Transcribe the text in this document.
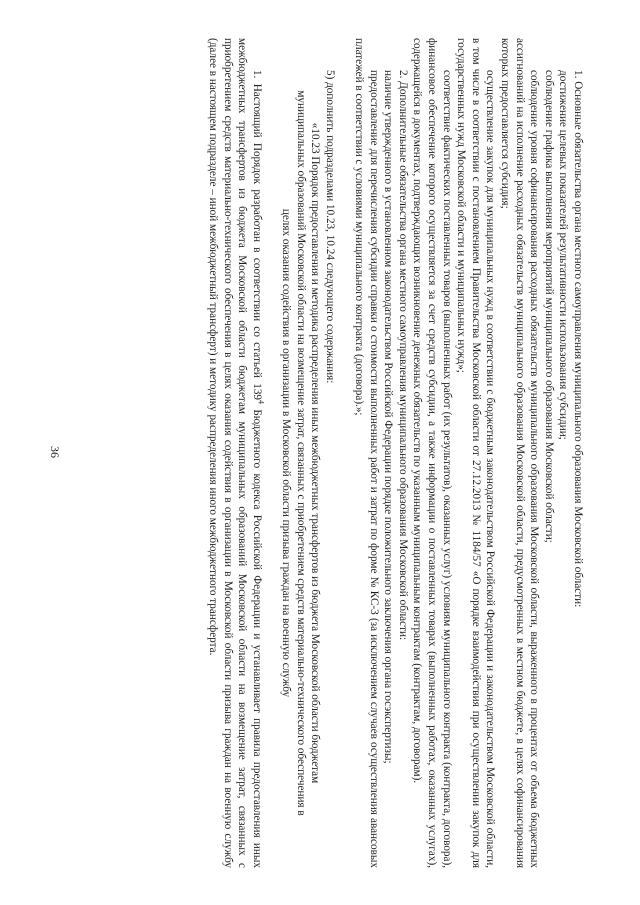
36	1. Основные обязательства органа местного самоуправления муниципального образования Московской области:

достижение целевых показателей результативности использования субсидии;

соблюдение графика выполнения мероприятий муниципального образования Московской области;

соблюдение уровня софинансирования расходных обязательств муниципального образования Московской области, выраженного в процентах от объема бюджетных ассигнований на исполнение расходных обязательств муниципального образования Московской области, предусмотренных в местном бюджете, в целях софинансирования которых предоставляется субсидия;

осуществление закупок для муниципальных нужд в соответствии с бюджетным законодательством Российской Федерации и законодательством Московской области, в том числе в соответствии с постановлением Правительства Московской области от 27.12.2013 № 1184/57 «О порядке взаимодействия при осуществлении закупок для государственных нужд Московской области и муниципальных нужд»;

соответствие фактических поставленных товаров (выполненных работ (их результатов), оказанных услуг) условиям муниципального контракта (контракта, договора), финансовое обеспечение которого осуществляется за счет средств субсидии, а также информации о поставленных товарах (выполненных работах, оказанных услугах), содержащейся в документах, подтверждающих возникновение денежных обязательств по указанным муниципальным контрактам (контрактам, договорам).

2. Дополнительные обязательства органа местного самоуправления муниципального образования Московской области:

наличие утвержденного в установленном законодательством Российской Федерации порядке положительного заключения органа госэкспертизы;

предоставление для перечисления субсидии справки о стоимости выполненных работ и затрат по форме № КС-3 (за исключением случаев осуществления авансовых платежей в соответствии с условиями муниципального контракта (договора).»;

5) дополнить подразделами 10.23, 10.24 следующего содержания:

«10.23 Порядок предоставления и методика распределения иных межбюджетных трансфертов из бюджета Московской области бюджетам муниципальных образований Московской области на возмещение затрат, связанных с приобретением средств материально-технического обеспечения в целях оказания содействия в организации в Московской области призыва граждан на военную службу

1. Настоящий Порядок разработан в соответствии со статьей $139^4$ Бюджетного кодекса Российской Федерации и устанавливает правила предоставления иных межбюджетных трансфертов из бюджета Московской области бюджетам муниципальных образований Московской области на возмещение затрат, связанных с приобретением средств материально-технического обеспечения в целях оказания содействия в организации в Московской области призыва граждан на военную службу (далее в настоящем подразделе – иной межбюджетный трансферт) и методику распределения иного межбюджетного трансферта.
